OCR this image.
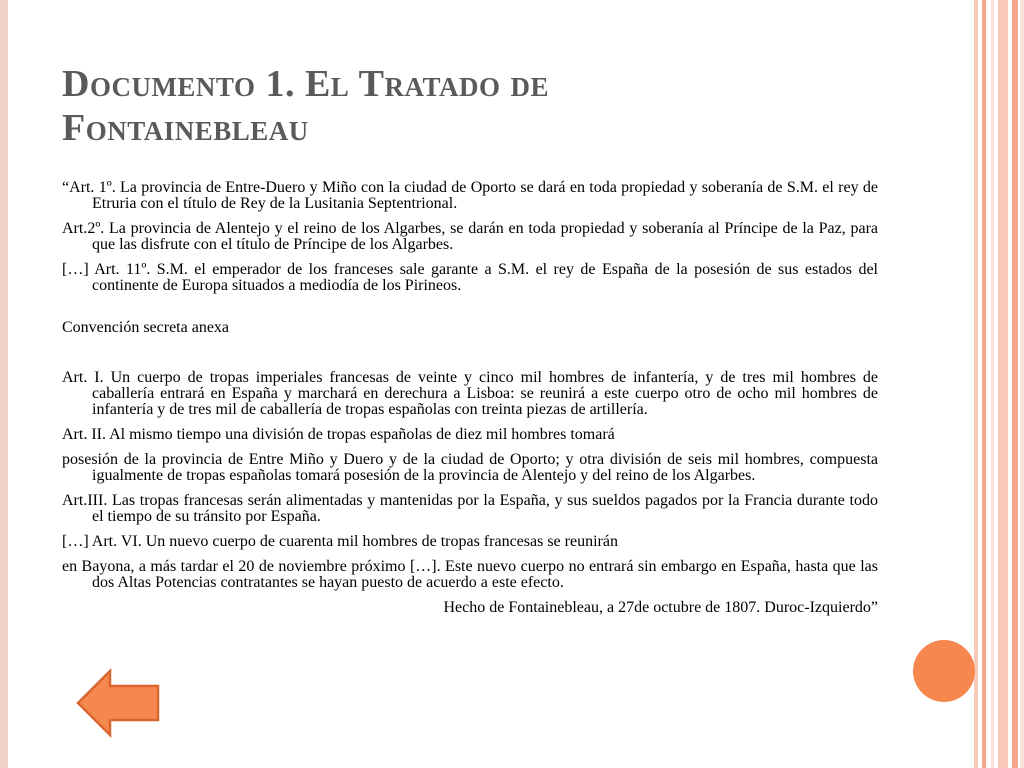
Documento 1. El Tratado de
Fontainebleau

“Art. 1º. La provincia de Entre-Duero y Miño con la ciudad de Oporto se dará en toda propiedad y soberanía de S.M. el rey de Etruria con el título de Rey de la Lusitania Septentrional.

Art.2º. La provincia de Alentejo y el reino de los Algarbes, se darán en toda propiedad y soberanía al Príncipe de la Paz, para que las disfrute con el título de Príncipe de los Algarbes.

[…] Art. 11º. S.M. el emperador de los franceses sale garante a S.M. el rey de España de la posesión de sus estados del continente de Europa situados a mediodía de los Pirineos.

Convención secreta anexa

Art. I. Un cuerpo de tropas imperiales francesas de veinte y cinco mil hombres de infantería, y de tres mil hombres de caballería entrará en España y marchará en derechura a Lisboa: se reunirá a este cuerpo otro de ocho mil hombres de infantería y de tres mil de caballería de tropas españolas con treinta piezas de artillería.

Art. II. Al mismo tiempo una división de tropas españolas de diez mil hombres tomará

posesión de la provincia de Entre Miño y Duero y de la ciudad de Oporto; y otra división de seis mil hombres, compuesta igualmente de tropas españolas tomará posesión de la provincia de Alentejo y del reino de los Algarbes.

Art.III. Las tropas francesas serán alimentadas y mantenidas por la España, y sus sueldos pagados por la Francia durante todo el tiempo de su tránsito por España.

[…] Art. VI. Un nuevo cuerpo de cuarenta mil hombres de tropas francesas se reunirán

en Bayona, a más tardar el 20 de noviembre próximo […]. Este nuevo cuerpo no entrará sin embargo en España, hasta que las dos Altas Potencias contratantes se hayan puesto de acuerdo a este efecto.

Hecho de Fontainebleau, a 27de octubre de 1807. Duroc-Izquierdo”
